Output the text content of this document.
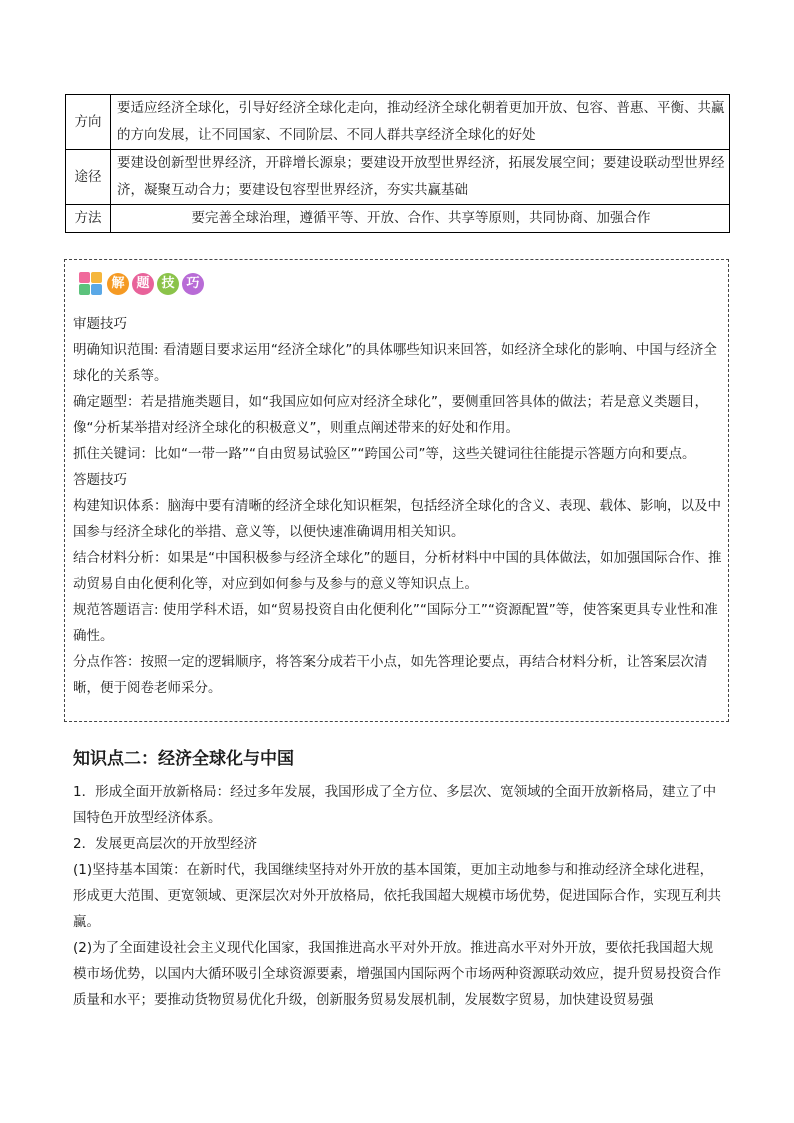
方向	要适应经济全球化，引导好经济全球化走向，推动经济全球化朝着更加开放、包容、普惠、平衡、共赢的方向发展，让不同国家、不同阶层、不同人群共享经济全球化的好处
途径	要建设创新型世界经济，开辟增长源泉；要建设开放型世界经济，拓展发展空间；要建设联动型世界经济，凝聚互动合力；要建设包容型世界经济，夯实共赢基础
方法	要完善全球治理，遵循平等、开放、合作、共享等原则，共同协商、加强合作
解 题 技 巧

审题技巧

明确知识范围: 看清题目要求运用“经济全球化”的具体哪些知识来回答，如经济全球化的影响、中国与经济全球化的关系等。

确定题型：若是措施类题目，如“我国应如何应对经济全球化”，要侧重回答具体的做法；若是意义类题目，像“分析某举措对经济全球化的积极意义”，则重点阐述带来的好处和作用。

抓住关键词：比如“一带一路”“自由贸易试验区”“跨国公司”等，这些关键词往往能提示答题方向和要点。

答题技巧

构建知识体系：脑海中要有清晰的经济全球化知识框架，包括经济全球化的含义、表现、载体、影响，以及中国参与经济全球化的举措、意义等，以便快速准确调用相关知识。

结合材料分析：如果是“中国积极参与经济全球化”的题目，分析材料中中国的具体做法，如加强国际合作、推动贸易自由化便利化等，对应到如何参与及参与的意义等知识点上。

规范答题语言: 使用学科术语，如“贸易投资自由化便利化”“国际分工”“资源配置”等，使答案更具专业性和准确性。

分点作答：按照一定的逻辑顺序，将答案分成若干小点，如先答理论要点，再结合材料分析，让答案层次清晰，便于阅卷老师采分。

知识点二：经济全球化与中国

1．形成全面开放新格局：经过多年发展，我国形成了全方位、多层次、宽领域的全面开放新格局，建立了中国特色开放型经济体系。

2．发展更高层次的开放型经济

(1)坚持基本国策：在新时代，我国继续坚持对外开放的基本国策，更加主动地参与和推动经济全球化进程，形成更大范围、更宽领域、更深层次对外开放格局，依托我国超大规模市场优势，促进国际合作，实现互利共赢。

(2)为了全面建设社会主义现代化国家，我国推进高水平对外开放。推进高水平对外开放，要依托我国超大规模市场优势，以国内大循环吸引全球资源要素，增强国内国际两个市场两种资源联动效应，提升贸易投资合作质量和水平；要推动货物贸易优化升级，创新服务贸易发展机制，发展数字贸易，加快建设贸易强
